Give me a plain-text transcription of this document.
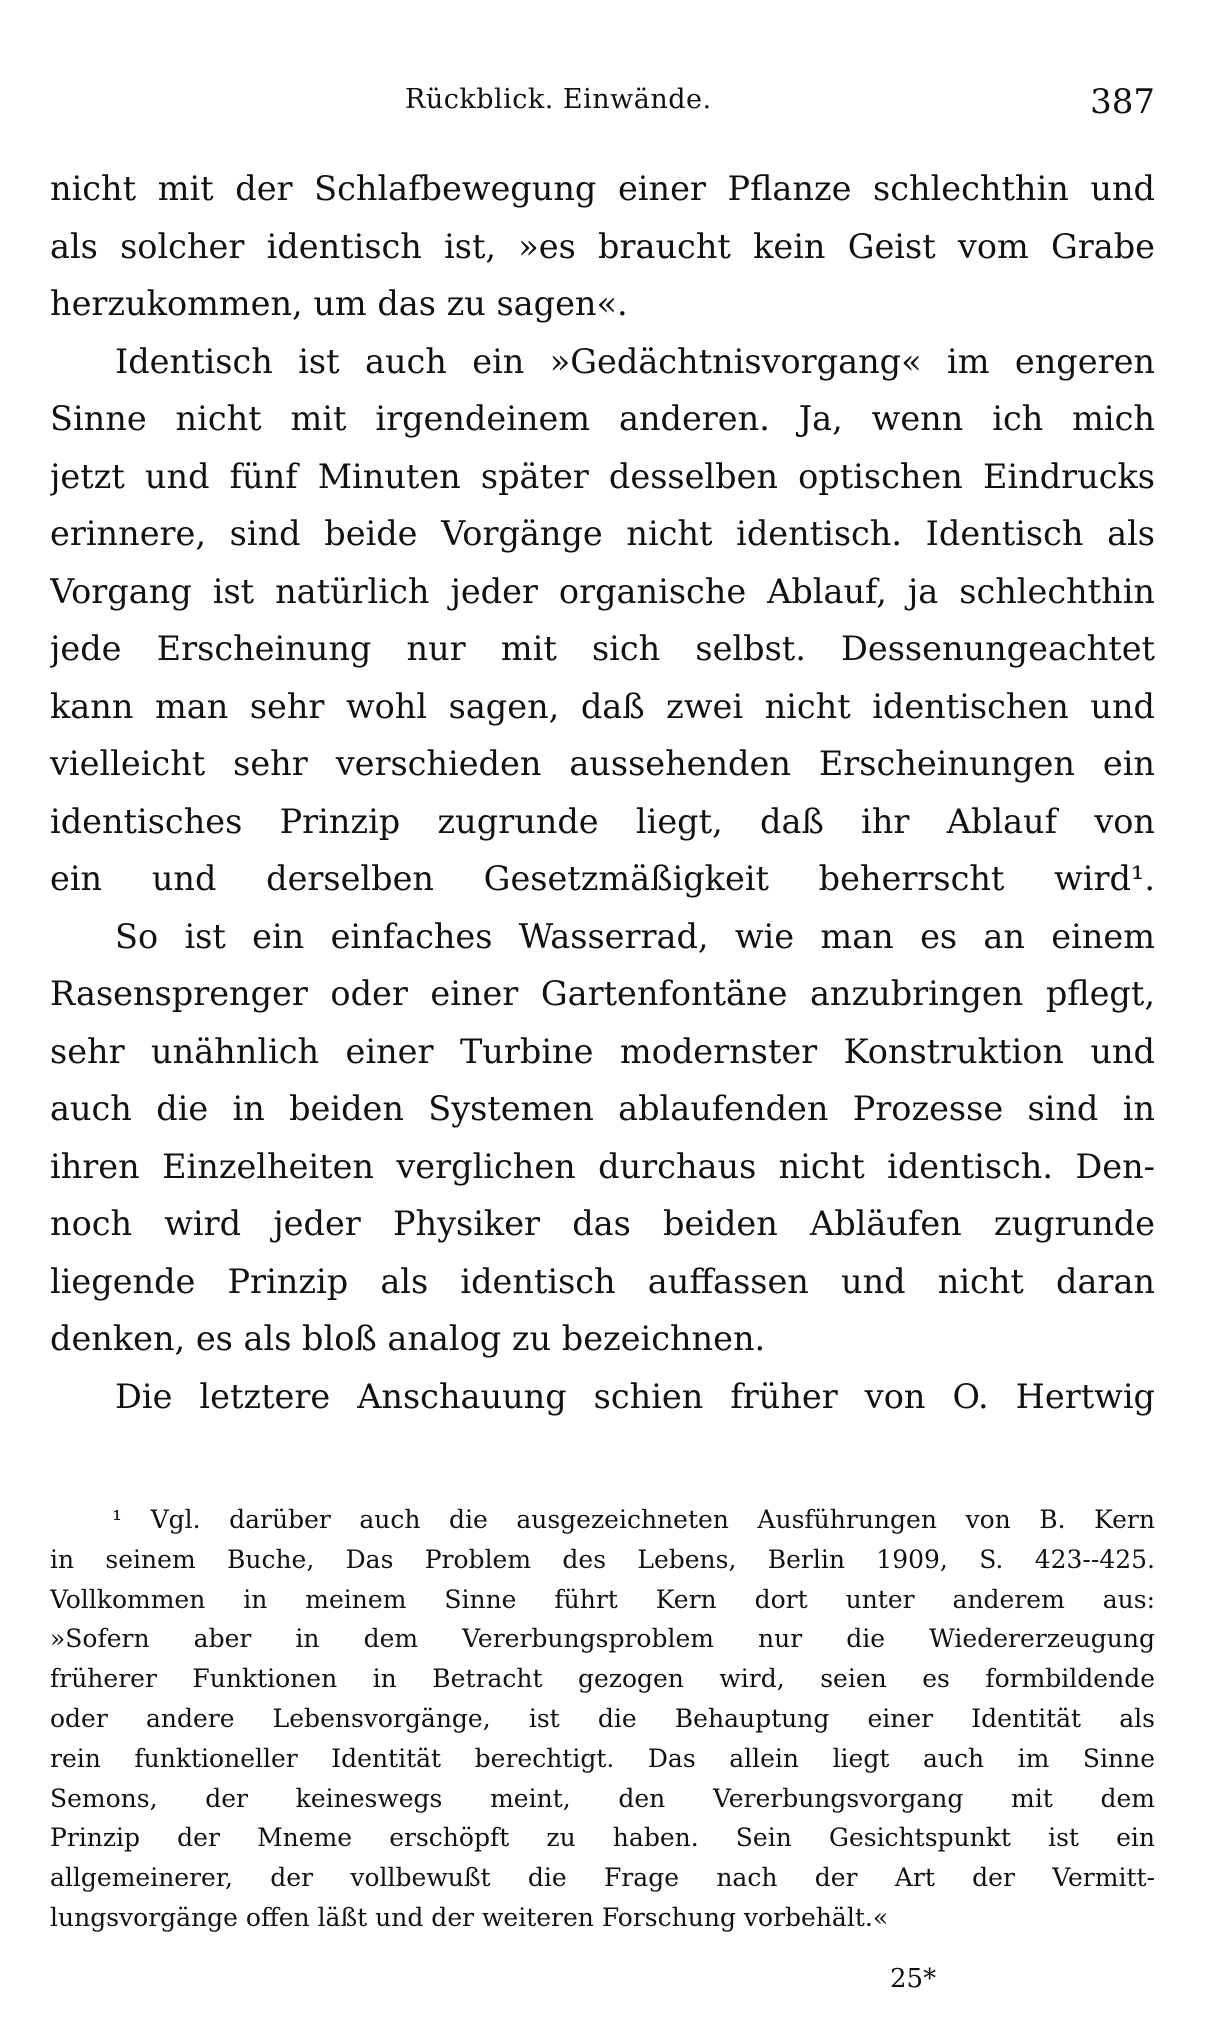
Rückblick. Einwände.	387
nicht mit der Schlafbewegung einer Pflanze schlechthin und
als solcher identisch ist, »es braucht kein Geist vom Grabe
herzukommen, um das zu sagen«.
Identisch ist auch ein »Gedächtnisvorgang« im engeren
Sinne nicht mit irgendeinem anderen. Ja, wenn ich mich
jetzt und fünf Minuten später desselben optischen Eindrucks
erinnere, sind beide Vorgänge nicht identisch. Identisch als
Vorgang ist natürlich jeder organische Ablauf, ja schlechthin
jede Erscheinung nur mit sich selbst. Dessenungeachtet
kann man sehr wohl sagen, daß zwei nicht identischen und
vielleicht sehr verschieden aussehenden Erscheinungen ein
identisches Prinzip zugrunde liegt, daß ihr Ablauf von
ein und derselben Gesetzmäßigkeit beherrscht wird¹.
So ist ein einfaches Wasserrad, wie man es an einem
Rasensprenger oder einer Gartenfontäne anzubringen pflegt,
sehr unähnlich einer Turbine modernster Konstruktion und
auch die in beiden Systemen ablaufenden Prozesse sind in
ihren Einzelheiten verglichen durchaus nicht identisch. Den-
noch wird jeder Physiker das beiden Abläufen zugrunde
liegende Prinzip als identisch auffassen und nicht daran
denken, es als bloß analog zu bezeichnen.
Die letztere Anschauung schien früher von O. Hertwig
¹ Vgl. darüber auch die ausgezeichneten Ausführungen von B. Kern
in seinem Buche, Das Problem des Lebens, Berlin 1909, S. 423--425.
Vollkommen in meinem Sinne führt Kern dort unter anderem aus:
»Sofern aber in dem Vererbungsproblem nur die Wiedererzeugung
früherer Funktionen in Betracht gezogen wird, seien es formbildende
oder andere Lebensvorgänge, ist die Behauptung einer Identität als
rein funktioneller Identität berechtigt. Das allein liegt auch im Sinne
Semons, der keineswegs meint, den Vererbungsvorgang mit dem
Prinzip der Mneme erschöpft zu haben. Sein Gesichtspunkt ist ein
allgemeinerer, der vollbewußt die Frage nach der Art der Vermitt-
lungsvorgänge offen läßt und der weiteren Forschung vorbehält.«
25*
